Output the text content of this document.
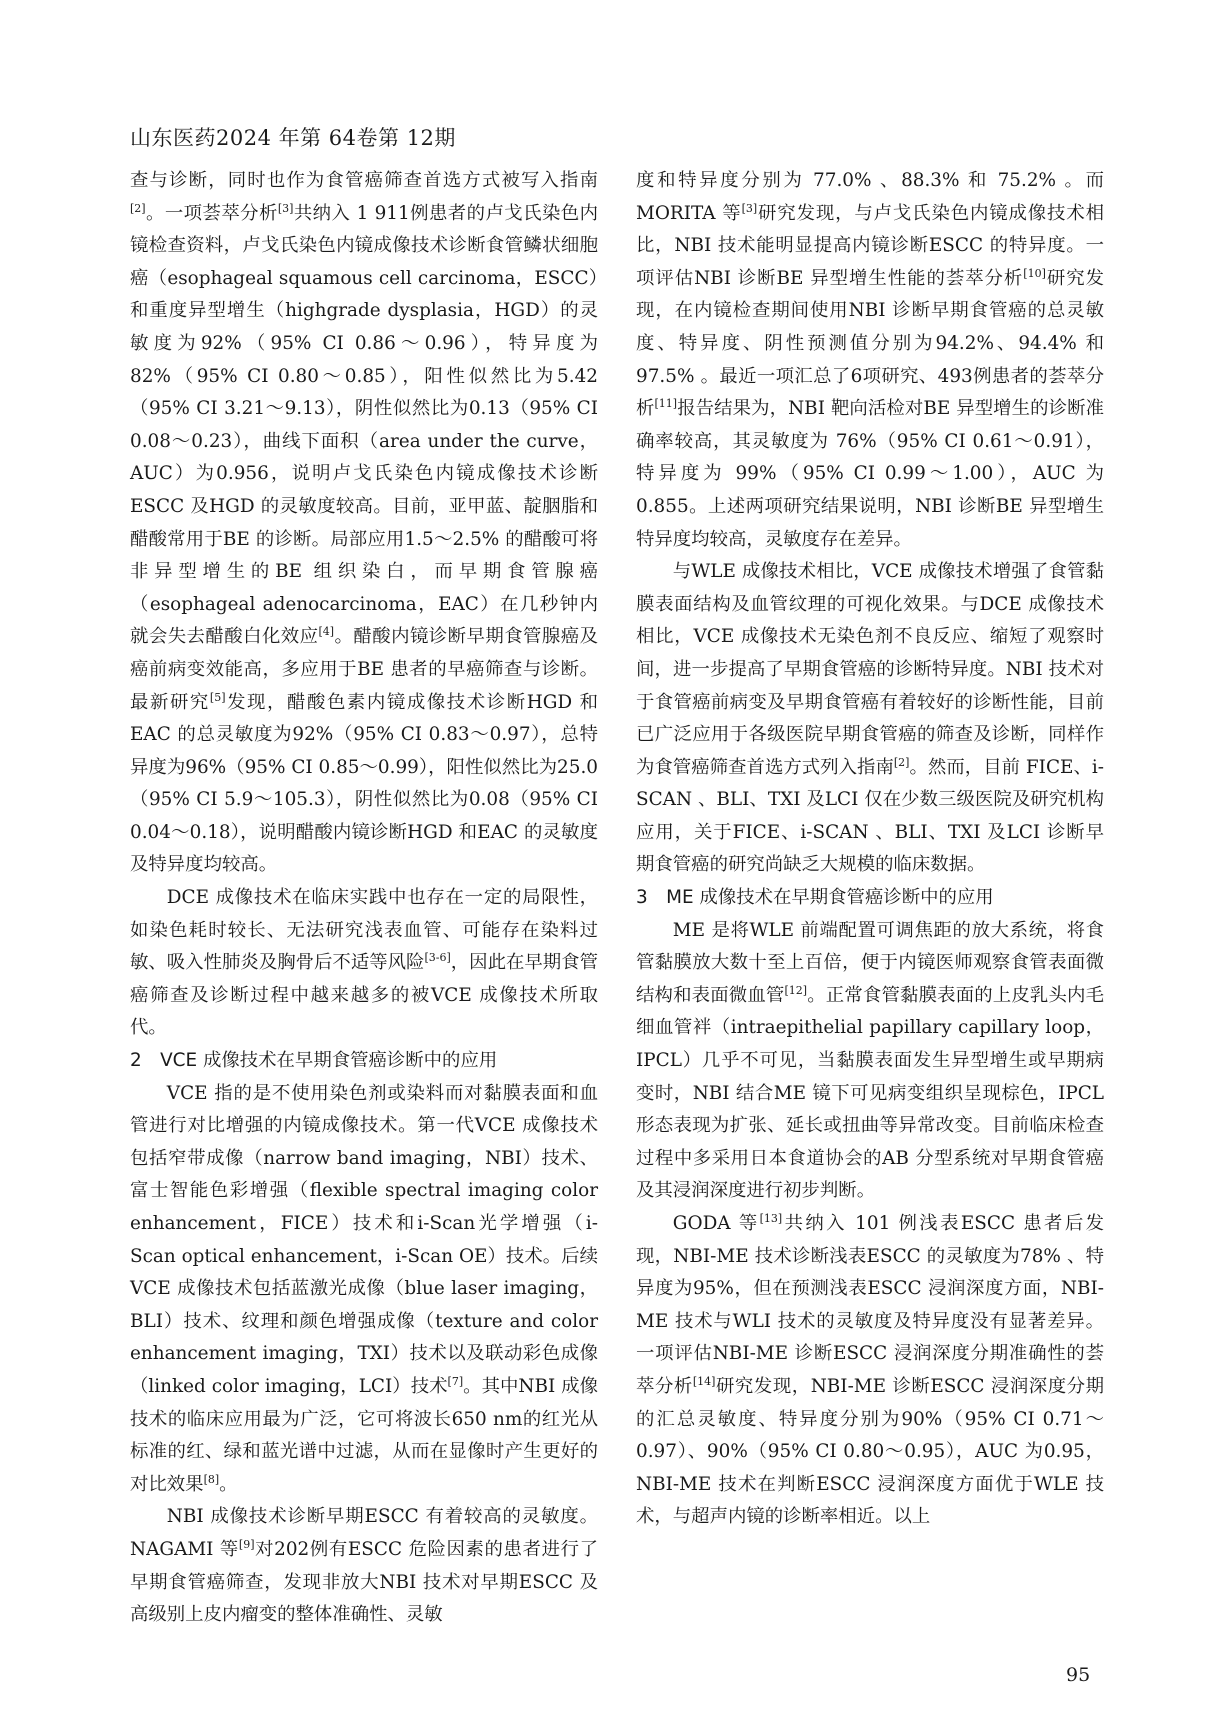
山东医药2024 年第 64卷第 12期

查与诊断，同时也作为食管癌筛查首选方式被写入指南[2]。一项荟萃分析[3]共纳入 1 911例患者的卢戈氏染色内镜检查资料，卢戈氏染色内镜成像技术诊断食管鳞状细胞癌（esophageal squamous cell carcinoma，ESCC）和重度异型增生（highgrade dysplasia，HGD）的灵敏度为92%（95% CI 0.86～0.96），特异度为82%（95% CI 0.80～0.85），阳性似然比为5.42（95% CI 3.21～9.13），阴性似然比为0.13（95% CI 0.08～0.23），曲线下面积（area under the curve，AUC）为0.956，说明卢戈氏染色内镜成像技术诊断ESCC 及HGD 的灵敏度较高。目前，亚甲蓝、靛胭脂和醋酸常用于BE 的诊断。局部应用1.5～2.5% 的醋酸可将非异型增生的BE 组织染白，而早期食管腺癌（esophageal adenocarcinoma，EAC）在几秒钟内就会失去醋酸白化效应[4]。醋酸内镜诊断早期食管腺癌及癌前病变效能高，多应用于BE 患者的早癌筛查与诊断。最新研究[5]发现，醋酸色素内镜成像技术诊断HGD 和EAC 的总灵敏度为92%（95% CI 0.83～0.97），总特异度为96%（95% CI 0.85～0.99），阳性似然比为25.0（95% CI 5.9～105.3），阴性似然比为0.08（95% CI 0.04～0.18），说明醋酸内镜诊断HGD 和EAC 的灵敏度及特异度均较高。

DCE 成像技术在临床实践中也存在一定的局限性，如染色耗时较长、无法研究浅表血管、可能存在染料过敏、吸入性肺炎及胸骨后不适等风险[3-6]，因此在早期食管癌筛查及诊断过程中越来越多的被VCE 成像技术所取代。

2　VCE 成像技术在早期食管癌诊断中的应用

VCE 指的是不使用染色剂或染料而对黏膜表面和血管进行对比增强的内镜成像技术。第一代VCE 成像技术包括窄带成像（narrow band imaging，NBI）技术、富士智能色彩增强（flexible spectral imaging color enhancement，FICE）技术和i-Scan光学增强（i-Scan optical enhancement，i-Scan OE）技术。后续VCE 成像技术包括蓝激光成像（blue laser imaging，BLI）技术、纹理和颜色增强成像（texture and color enhancement imaging，TXI）技术以及联动彩色成像（linked color imaging，LCI）技术[7]。其中NBI 成像技术的临床应用最为广泛，它可将波长650 nm的红光从标准的红、绿和蓝光谱中过滤，从而在显像时产生更好的对比效果[8]。

NBI 成像技术诊断早期ESCC 有着较高的灵敏度。NAGAMI 等[9]对202例有ESCC 危险因素的患者进行了早期食管癌筛查，发现非放大NBI 技术对早期ESCC 及高级别上皮内瘤变的整体准确性、灵敏

度和特异度分别为 77.0% 、88.3% 和 75.2% 。而MORITA 等[3]研究发现，与卢戈氏染色内镜成像技术相比，NBI 技术能明显提高内镜诊断ESCC 的特异度。一项评估NBI 诊断BE 异型增生性能的荟萃分析[10]研究发现，在内镜检查期间使用NBI 诊断早期食管癌的总灵敏度、特异度、阴性预测值分别为94.2%、94.4% 和97.5% 。最近一项汇总了6项研究、493例患者的荟萃分析[11]报告结果为，NBI 靶向活检对BE 异型增生的诊断准确率较高，其灵敏度为 76%（95% CI 0.61～0.91），特异度为 99%（95% CI 0.99～1.00），AUC 为0.855。上述两项研究结果说明，NBI 诊断BE 异型增生特异度均较高，灵敏度存在差异。

与WLE 成像技术相比，VCE 成像技术增强了食管黏膜表面结构及血管纹理的可视化效果。与DCE 成像技术相比，VCE 成像技术无染色剂不良反应、缩短了观察时间，进一步提高了早期食管癌的诊断特异度。NBI 技术对于食管癌前病变及早期食管癌有着较好的诊断性能，目前已广泛应用于各级医院早期食管癌的筛查及诊断，同样作为食管癌筛查首选方式列入指南[2]。然而，目前 FICE、i-SCAN 、BLI、TXI 及LCI 仅在少数三级医院及研究机构应用，关于FICE、i-SCAN 、BLI、TXI 及LCI 诊断早期食管癌的研究尚缺乏大规模的临床数据。

3　ME 成像技术在早期食管癌诊断中的应用

ME 是将WLE 前端配置可调焦距的放大系统，将食管黏膜放大数十至上百倍，便于内镜医师观察食管表面微结构和表面微血管[12]。正常食管黏膜表面的上皮乳头内毛细血管袢（intraepithelial papillary capillary loop，IPCL）几乎不可见，当黏膜表面发生异型增生或早期病变时，NBI 结合ME 镜下可见病变组织呈现棕色，IPCL 形态表现为扩张、延长或扭曲等异常改变。目前临床检查过程中多采用日本食道协会的AB 分型系统对早期食管癌及其浸润深度进行初步判断。

GODA 等[13]共纳入 101 例浅表ESCC 患者后发现，NBI-ME 技术诊断浅表ESCC 的灵敏度为78% 、特异度为95%，但在预测浅表ESCC 浸润深度方面，NBI-ME 技术与WLI 技术的灵敏度及特异度没有显著差异。一项评估NBI-ME 诊断ESCC 浸润深度分期准确性的荟萃分析[14]研究发现，NBI-ME 诊断ESCC 浸润深度分期的汇总灵敏度、特异度分别为90%（95% CI 0.71～0.97）、90%（95% CI 0.80～0.95），AUC 为0.95，NBI-ME 技术在判断ESCC 浸润深度方面优于WLE 技术，与超声内镜的诊断率相近。以上

95
